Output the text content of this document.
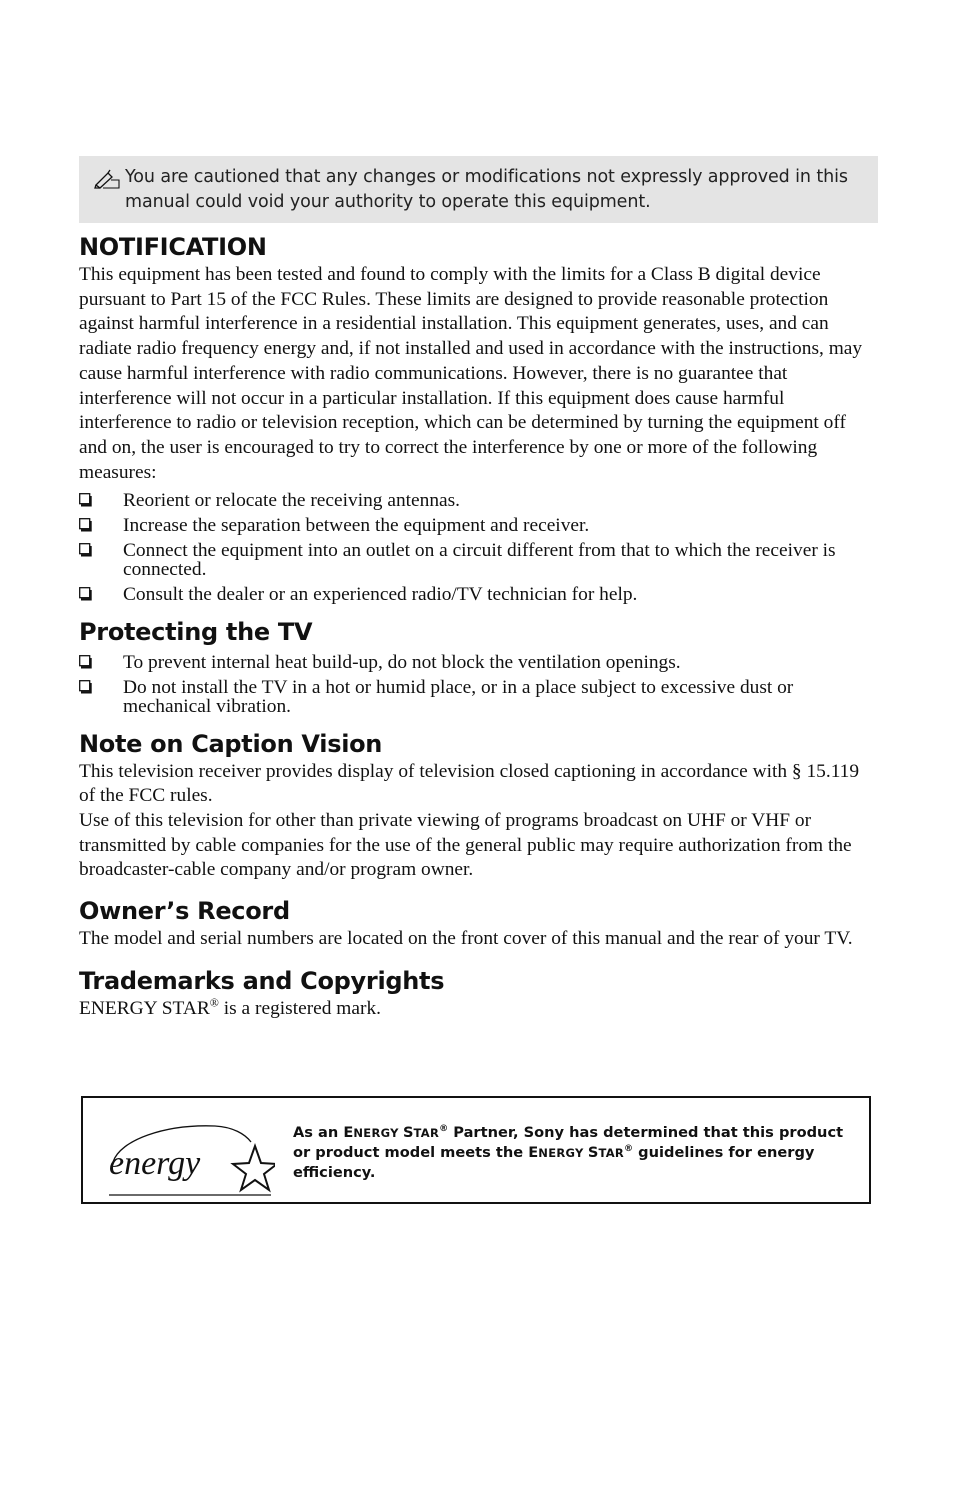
You are cautioned that any changes or modifications not expressly approved in this manual could void your authority to operate this equipment.
NOTIFICATION

This equipment has been tested and found to comply with the limits for a Class B digital device pursuant to Part 15 of the FCC Rules. These limits are designed to provide reasonable protection against harmful interference in a residential installation. This equipment generates, uses, and can radiate radio frequency energy and, if not installed and used in accordance with the instructions, may cause harmful interference with radio communications. However, there is no guarantee that interference will not occur in a particular installation. If this equipment does cause harmful interference to radio or television reception, which can be determined by turning the equipment off and on, the user is encouraged to try to correct the interference by one or more of the following measures:

Reorient or relocate the receiving antennas.
Increase the separation between the equipment and receiver.
Connect the equipment into an outlet on a circuit different from that to which the receiver is connected.
Consult the dealer or an experienced radio/TV technician for help.
Protecting the TV
To prevent internal heat build-up, do not block the ventilation openings.
Do not install the TV in a hot or humid place, or in a place subject to excessive dust or mechanical vibration.
Note on Caption Vision

This television receiver provides display of television closed captioning in accordance with § 15.119 of the FCC rules.

Use of this television for other than private viewing of programs broadcast on UHF or VHF or transmitted by cable companies for the use of the general public may require authorization from the broadcaster-cable company and/or program owner.

Owner’s Record

The model and serial numbers are located on the front cover of this manual and the rear of your TV.

Trademarks and Copyrights

ENERGY STAR® is a registered mark.

energy
As an ENERGY STAR® Partner, Sony has determined that this product or product model meets the ENERGY STAR® guidelines for energy efficiency.
